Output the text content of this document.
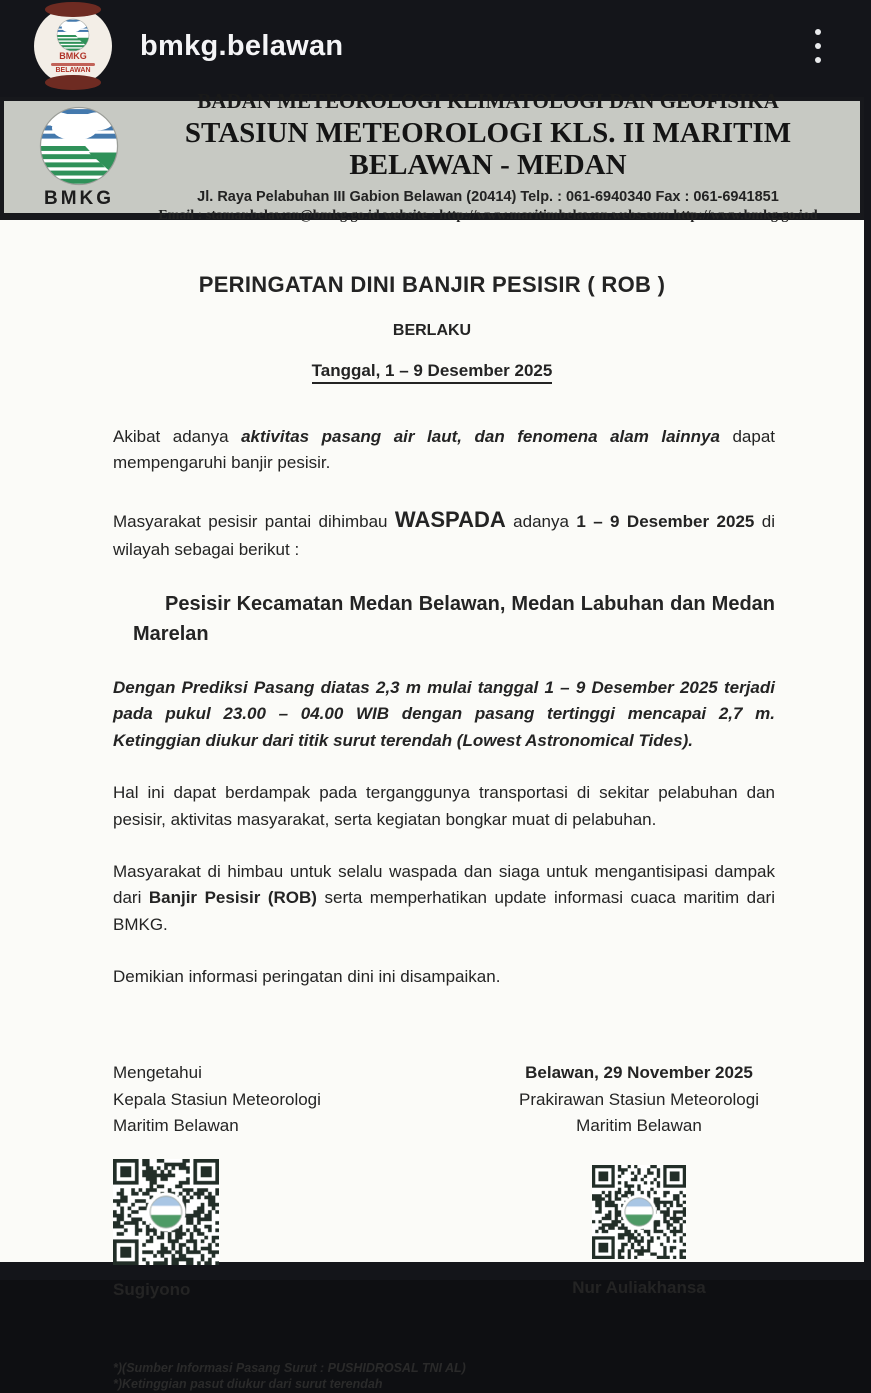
BMKG
BELAWAN
bmkg.belawan
BMKG
BADAN METEOROLOGI KLIMATOLOGI DAN GEOFISIKA
STASIUN METEOROLOGI KLS. II MARITIM BELAWAN - MEDAN
Jl. Raya Pelabuhan III Gabion Belawan (20414) Telp. : 061-6940340 Fax : 061-6941851
Email : stamar.belawan@bmkg.go.id website : http://www.maritimbelawan.webs.com http://www.bmkg.go.iod
PERINGATAN DINI BANJIR PESISIR ( ROB )
BERLAKU

Tanggal, 1 – 9 Desember 2025

Akibat adanya aktivitas pasang air laut, dan fenomena alam lainnya dapat mempengaruhi banjir pesisir.

Masyarakat pesisir pantai dihimbau WASPADA adanya 1 – 9 Desember 2025 di wilayah sebagai berikut :

Pesisir Kecamatan Medan Belawan, Medan Labuhan dan Medan Marelan

Dengan Prediksi Pasang diatas 2,3 m mulai tanggal 1 – 9 Desember 2025 terjadi pada pukul 23.00 – 04.00 WIB dengan pasang tertinggi mencapai 2,7 m. Ketinggian diukur dari titik surut terendah (Lowest Astronomical Tides).

Hal ini dapat berdampak pada terganggunya transportasi di sekitar pelabuhan dan pesisir, aktivitas masyarakat, serta kegiatan bongkar muat di pelabuhan.

Masyarakat di himbau untuk selalu waspada dan siaga untuk mengantisipasi dampak dari Banjir Pesisir (ROB) serta memperhatikan update informasi cuaca maritim dari BMKG.

Demikian informasi peringatan dini ini disampaikan.

Mengetahui
Kepala Stasiun Meteorologi
Maritim Belawan
Sugiyono
Belawan, 29 November 2025
Prakirawan Stasiun Meteorologi
Maritim Belawan
Nur Auliakhansa
*)(Sumber Informasi Pasang Surut : PUSHIDROSAL TNI AL)
*)Ketinggian pasut diukur dari surut terendah
